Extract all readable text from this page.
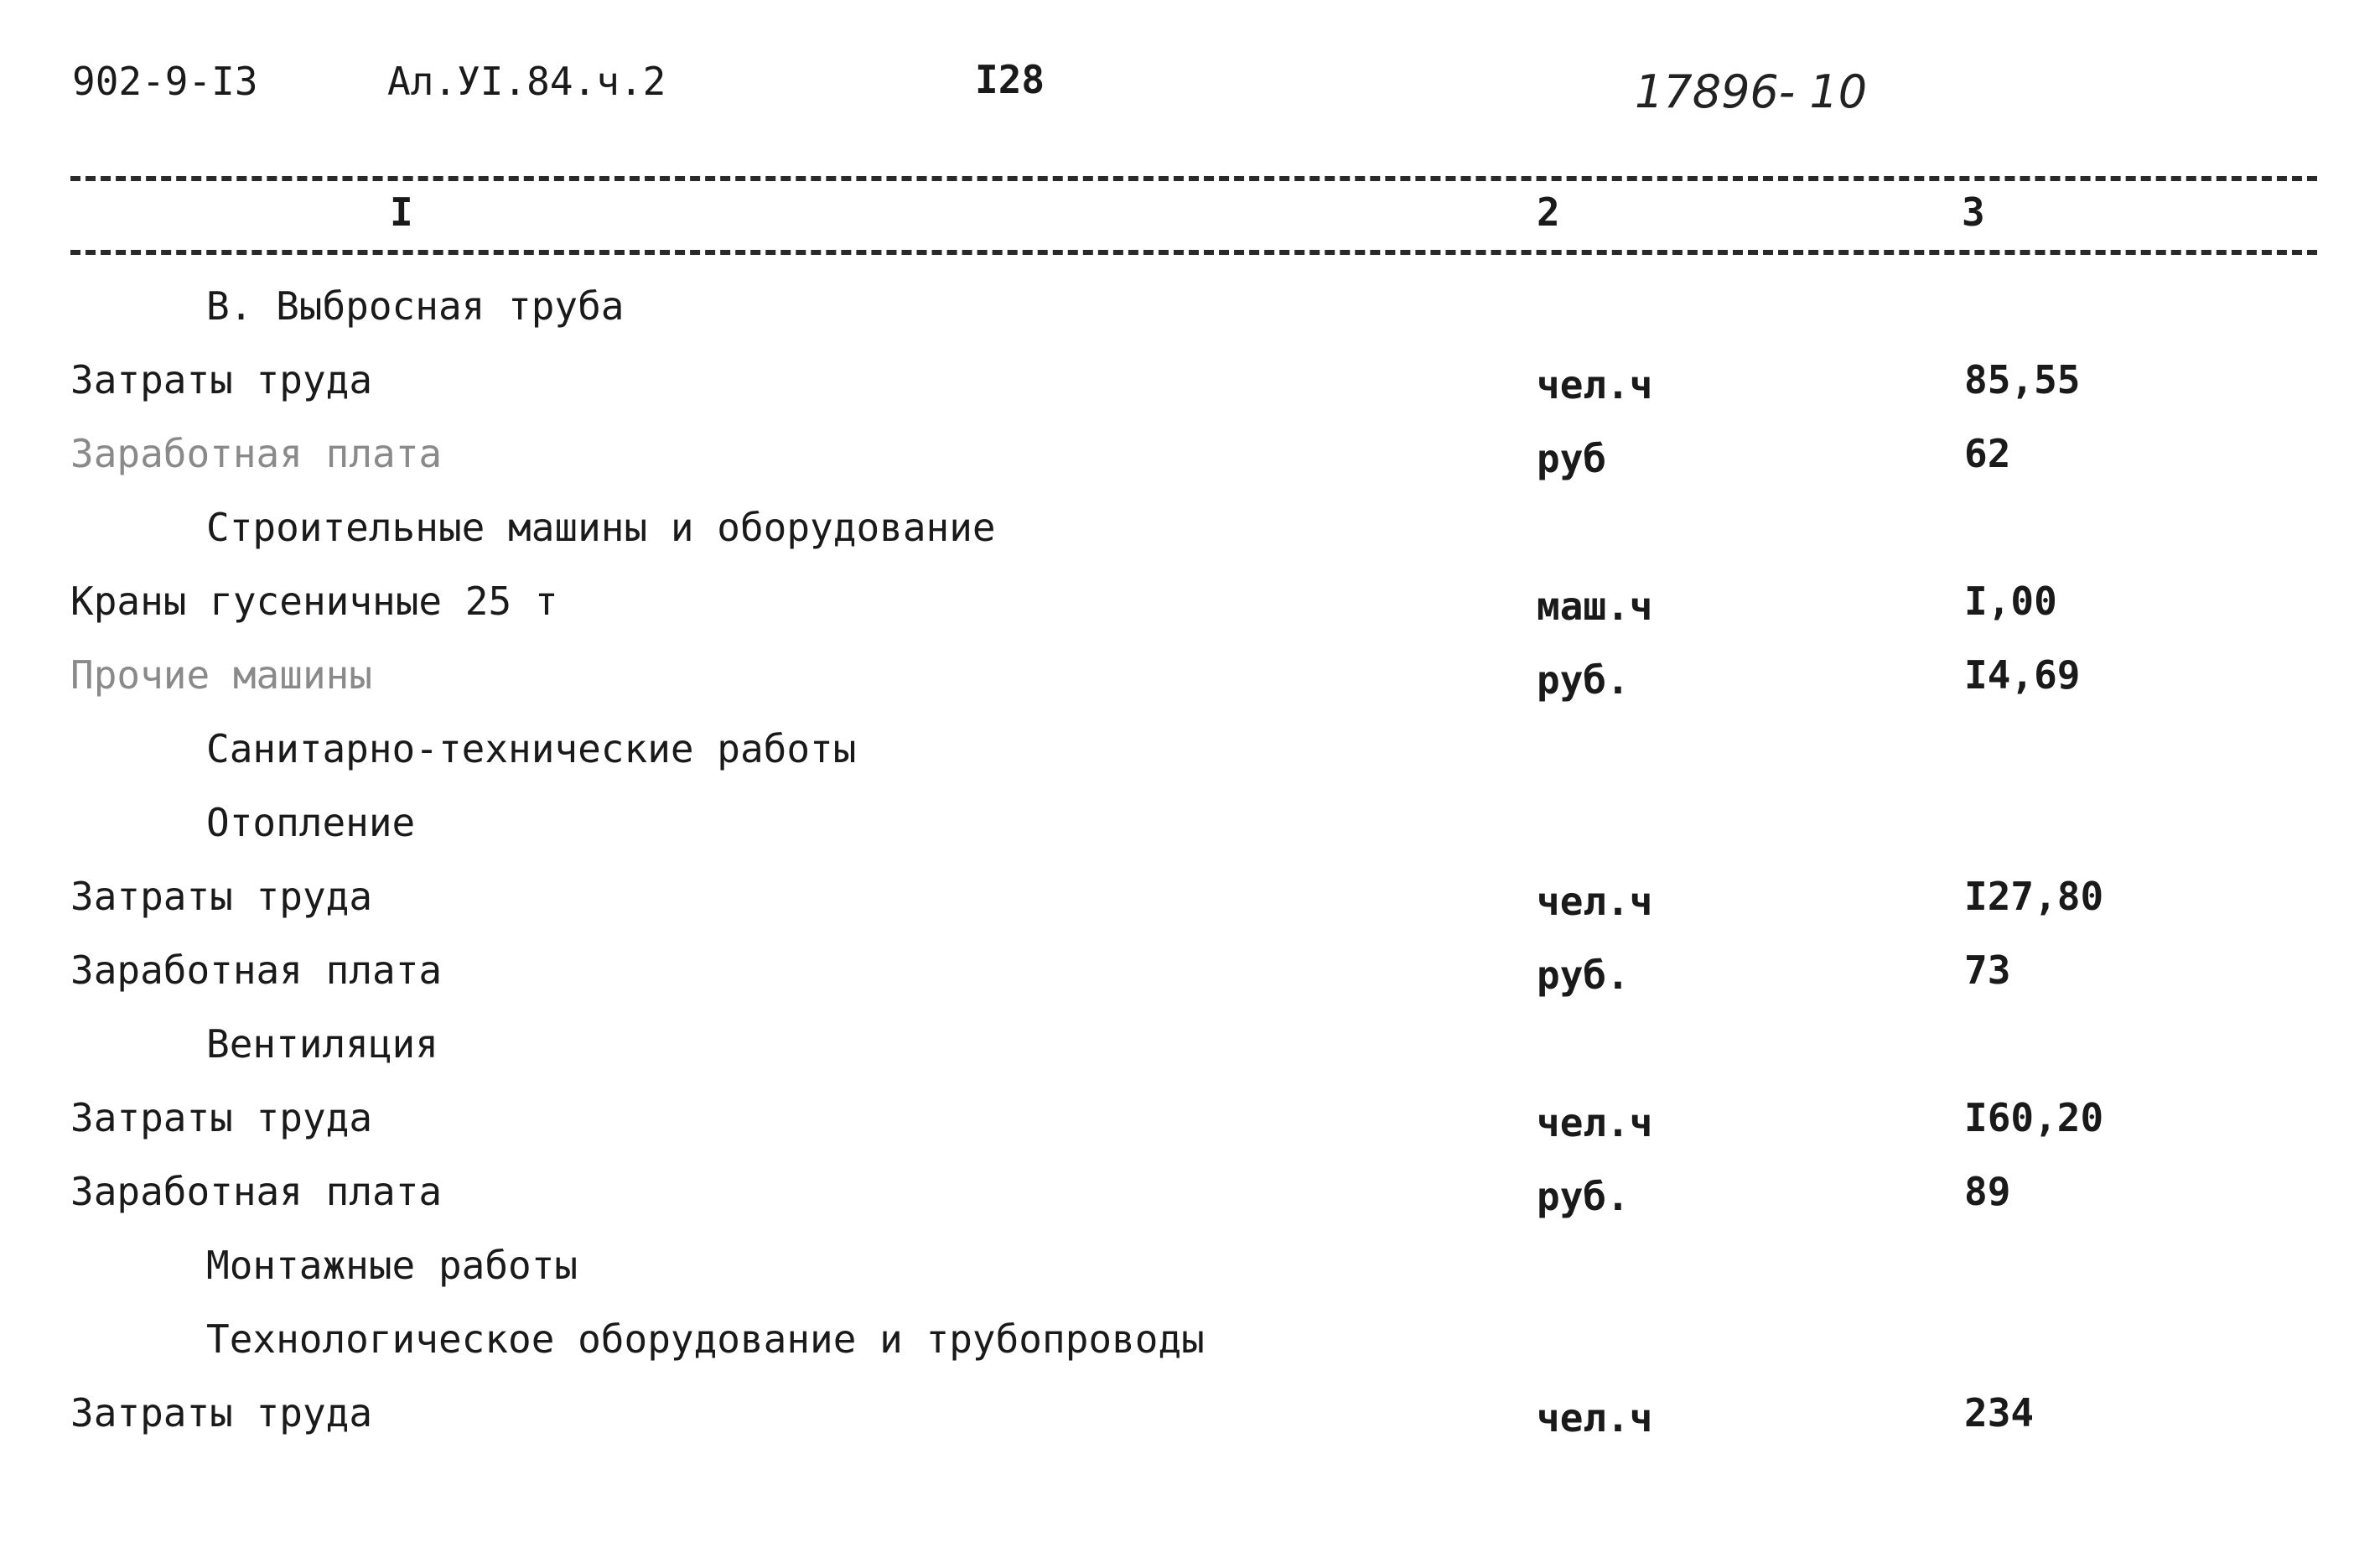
902-9-I3	Ал.УI.84.ч.2	I28	17896- 10
I	2	3
В. Выбросная труба
Затраты труда	чел.ч	85,55
Заработная плата	руб	62
Строительные машины и оборудование
Краны гусеничные 25 т	маш.ч	I,00
Прочие машины	руб.	I4,69
Санитарно-технические работы
Отопление
Затраты труда	чел.ч	I27,80
Заработная плата	руб.	73
Вентиляция
Затраты труда	чел.ч	I60,20
Заработная плата	руб.	89
Монтажные работы
Технологическое оборудование и трубопроводы
Затраты труда	чел.ч	234
